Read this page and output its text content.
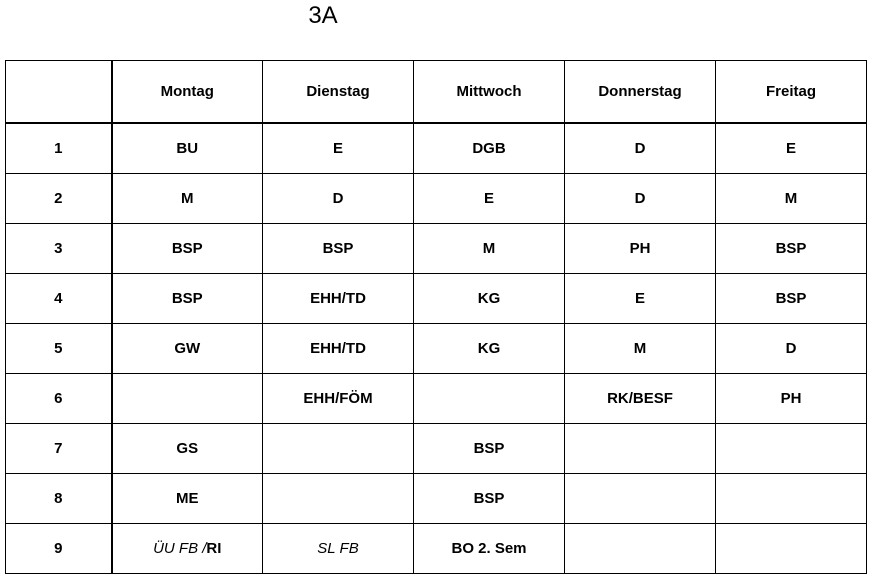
3A
	Montag	Dienstag	Mittwoch	Donnerstag	Freitag
1	BU	E	DGB	D	E
2	M	D	E	D	M
3	BSP	BSP	M	PH	BSP
4	BSP	EHH/TD	KG	E	BSP
5	GW	EHH/TD	KG	M	D
6		EHH/FÖM		RK/BESF	PH
7	GS		BSP		
8	ME		BSP		
9	ÜU FB /RI	SL FB	BO 2. Sem		
